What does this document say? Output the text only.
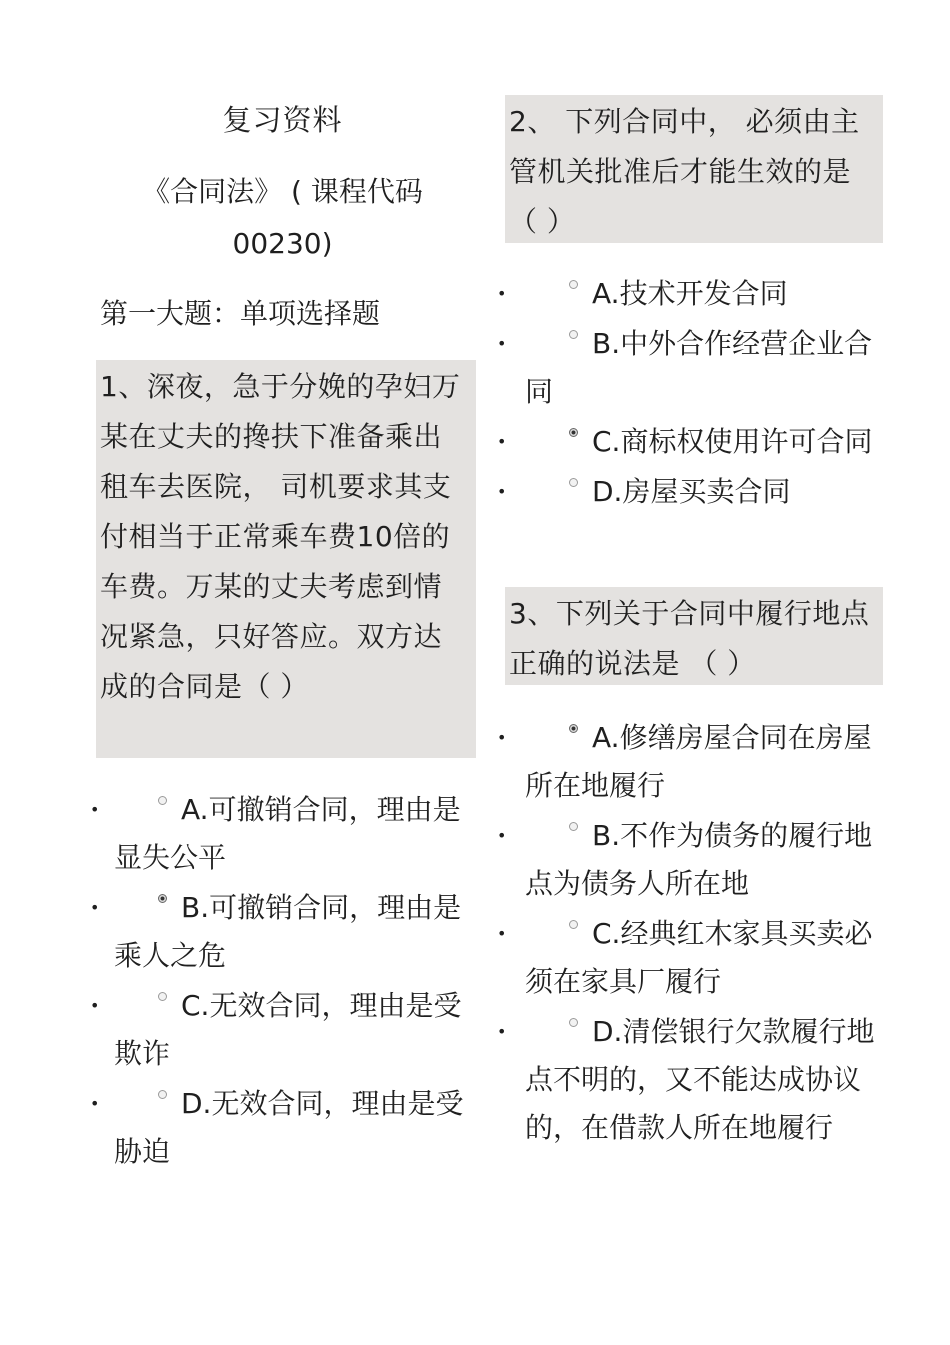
复习资料
《合同法》 ( 课程代码
00230)
第一大题：单项选择题
1、深夜，急于分娩的孕妇万某在丈夫的搀扶下准备乘出租车去医院， 司机要求其支付相当于正常乘车费10倍的车费。万某的丈夫考虑到情况紧急，只好答应。双方达成的合同是（ ）
•	A.可撤销合同，理由是显失公平
•	B.可撤销合同，理由是乘人之危
•	C.无效合同，理由是受欺诈
•	D.无效合同，理由是受胁迫
2、 下列合同中， 必须由主管机关批准后才能生效的是（ ）
•	A.技术开发合同
•	B.中外合作经营企业合同
•	C.商标权使用许可合同
•	D.房屋买卖合同
3、下列关于合同中履行地点正确的说法是 （ ）
•	A.修缮房屋合同在房屋所在地履行
•	B.不作为债务的履行地点为债务人所在地
•	C.经典红木家具买卖必须在家具厂履行
•	D.清偿银行欠款履行地点不明的，又不能达成协议的，在借款人所在地履行
